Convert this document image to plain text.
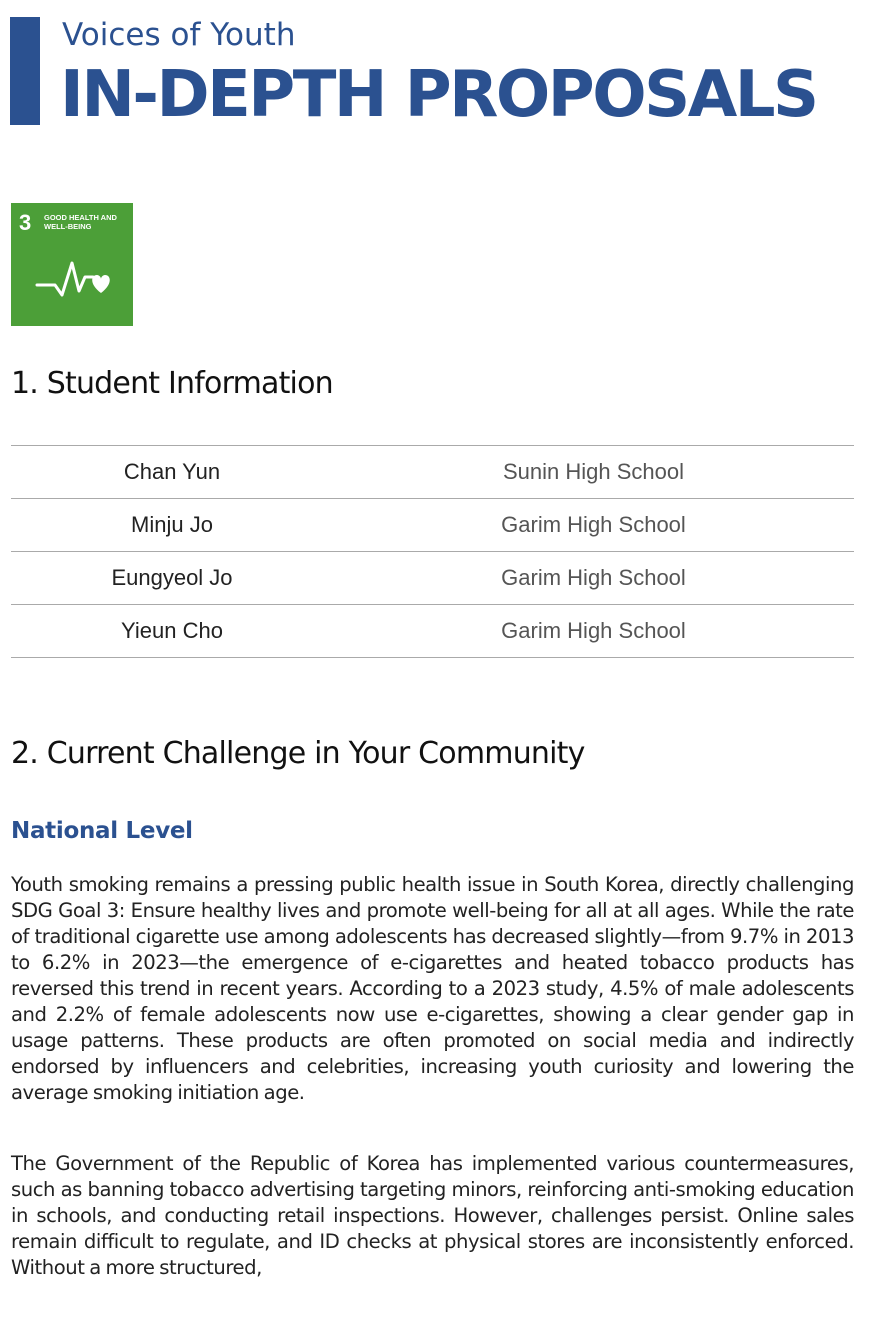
Voices of Youth
IN-DEPTH PROPOSALS
3 GOOD HEALTH AND WELL-BEING
1. Student Information
Chan Yun	Sunin High School
Minju Jo	Garim High School
Eungyeol Jo	Garim High School
Yieun Cho	Garim High School
2. Current Challenge in Your Community
National Level

Youth smoking remains a pressing public health issue in South Korea, directly challenging SDG Goal 3: Ensure healthy lives and promote well-being for all at all ages. While the rate of traditional cigarette use among adolescents has decreased slightly—from 9.7% in 2013 to 6.2% in 2023—the emergence of e-cigarettes and heated tobacco products has reversed this trend in recent years. According to a 2023 study, 4.5% of male adolescents and 2.2% of female adolescents now use e-cigarettes, showing a clear gender gap in usage patterns. These products are often promoted on social media and indirectly endorsed by influencers and celebrities, increasing youth curiosity and lowering the average smoking initiation age.

The Government of the Republic of Korea has implemented various countermeasures, such as banning tobacco advertising targeting minors, reinforcing anti-smoking education in schools, and conducting retail inspections. However, challenges persist. Online sales remain difficult to regulate, and ID checks at physical stores are inconsistently enforced. Without a more structured,
